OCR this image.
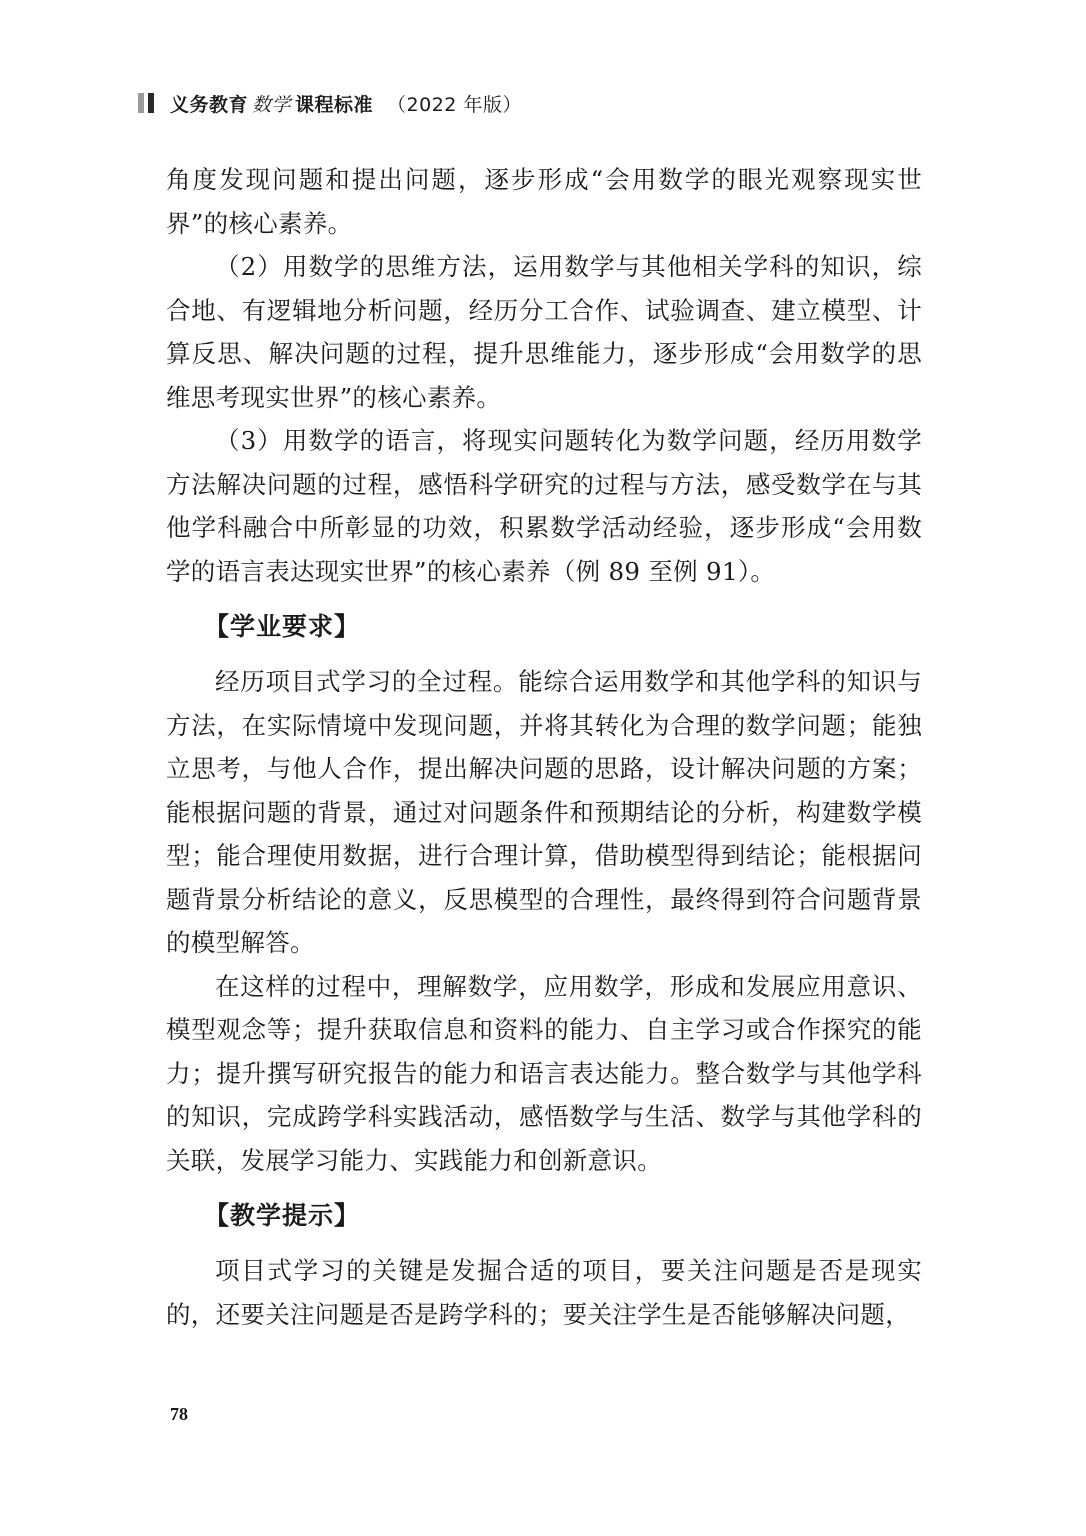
义务教育 数学 课程标准 （2022 年版）

角度发现问题和提出问题，逐步形成“会用数学的眼光观察现实世界”的核心素养。

（2）用数学的思维方法，运用数学与其他相关学科的知识，综合地、有逻辑地分析问题，经历分工合作、试验调查、建立模型、计算反思、解决问题的过程，提升思维能力，逐步形成“会用数学的思维思考现实世界”的核心素养。

（3）用数学的语言，将现实问题转化为数学问题，经历用数学方法解决问题的过程，感悟科学研究的过程与方法，感受数学在与其他学科融合中所彰显的功效，积累数学活动经验，逐步形成“会用数学的语言表达现实世界”的核心素养（例 89 至例 91）。

【学业要求】

经历项目式学习的全过程。能综合运用数学和其他学科的知识与方法，在实际情境中发现问题，并将其转化为合理的数学问题；能独立思考，与他人合作，提出解决问题的思路，设计解决问题的方案；能根据问题的背景，通过对问题条件和预期结论的分析，构建数学模型；能合理使用数据，进行合理计算，借助模型得到结论；能根据问题背景分析结论的意义，反思模型的合理性，最终得到符合问题背景的模型解答。

在这样的过程中，理解数学，应用数学，形成和发展应用意识、模型观念等；提升获取信息和资料的能力、自主学习或合作探究的能力；提升撰写研究报告的能力和语言表达能力。整合数学与其他学科的知识，完成跨学科实践活动，感悟数学与生活、数学与其他学科的关联，发展学习能力、实践能力和创新意识。

【教学提示】

项目式学习的关键是发掘合适的项目，要关注问题是否是现实的，还要关注问题是否是跨学科的；要关注学生是否能够解决问题，

78
